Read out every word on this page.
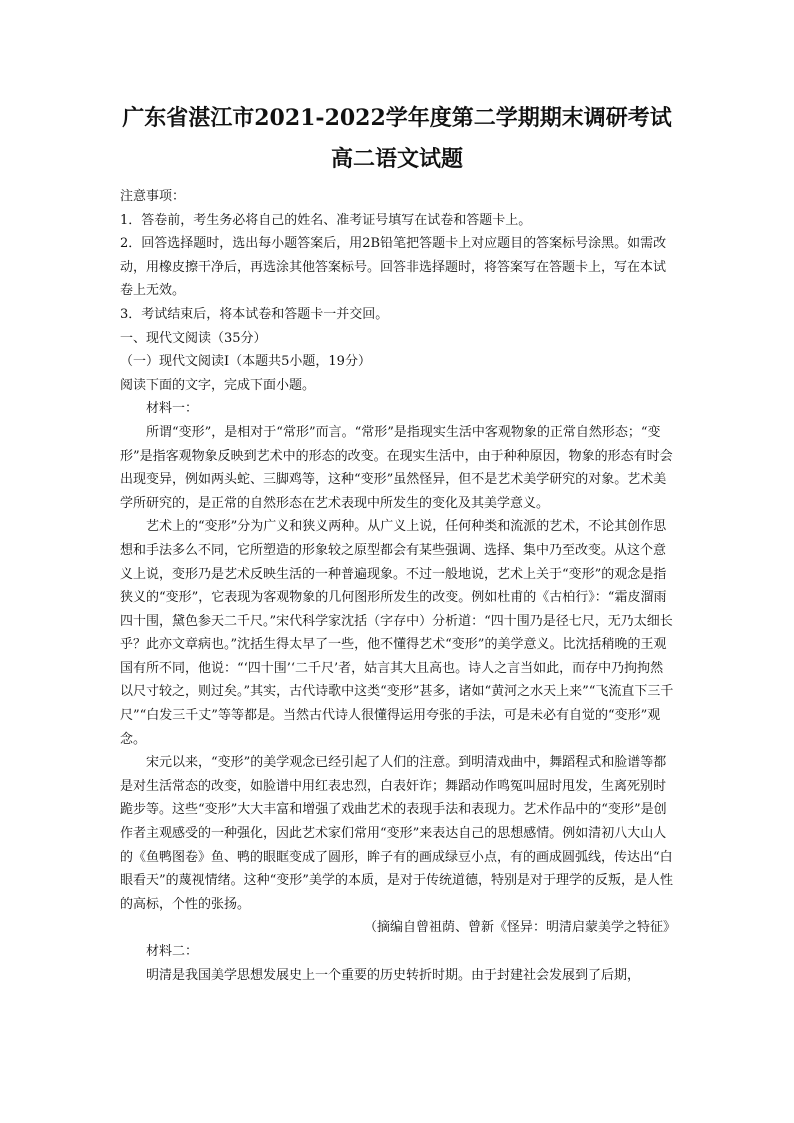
广东省湛江市2021-2022学年度第二学期期末调研考试
高二语文试题

注意事项：

1．答卷前，考生务必将自己的姓名、准考证号填写在试卷和答题卡上。

2．回答选择题时，选出每小题答案后，用2B铅笔把答题卡上对应题目的答案标号涂黑。如需改动，用橡皮擦干净后，再选涂其他答案标号。回答非选择题时，将答案写在答题卡上，写在本试卷上无效。

3．考试结束后，将本试卷和答题卡一并交回。

一、现代文阅读（35分）

（一）现代文阅读Ⅰ（本题共5小题，19分）

阅读下面的文字，完成下面小题。

材料一：

所谓“变形”，是相对于“常形”而言。“常形”是指现实生活中客观物象的正常自然形态；“变形”是指客观物象反映到艺术中的形态的改变。在现实生活中，由于种种原因，物象的形态有时会出现变异，例如两头蛇、三脚鸡等，这种“变形”虽然怪异，但不是艺术美学研究的对象。艺术美学所研究的，是正常的自然形态在艺术表现中所发生的变化及其美学意义。

艺术上的“变形”分为广义和狭义两种。从广义上说，任何种类和流派的艺术，不论其创作思想和手法多么不同，它所塑造的形象较之原型都会有某些强调、选择、集中乃至改变。从这个意义上说，变形乃是艺术反映生活的一种普遍现象。不过一般地说，艺术上关于“变形”的观念是指狭义的“变形”，它表现为客观物象的几何图形所发生的改变。例如杜甫的《古柏行》：“霜皮溜雨四十围，黛色参天二千尺。”宋代科学家沈括（字存中）分析道：“四十围乃是径七尺，无乃太细长乎？此亦文章病也。”沈括生得太早了一些，他不懂得艺术“变形”的美学意义。比沈括稍晚的王观国有所不同，他说：“‘四十围’‘二千尺’者，姑言其大且高也。诗人之言当如此，而存中乃拘拘然以尺寸较之，则过矣。”其实，古代诗歌中这类“变形”甚多，诸如“黄河之水天上来”“飞流直下三千尺”“白发三千丈”等等都是。当然古代诗人很懂得运用夸张的手法，可是未必有自觉的“变形”观念。

宋元以来，“变形”的美学观念已经引起了人们的注意。到明清戏曲中，舞蹈程式和脸谱等都是对生活常态的改变，如脸谱中用红表忠烈，白表奸诈；舞蹈动作鸣冤叫屈时甩发，生离死别时跪步等。这些“变形”大大丰富和增强了戏曲艺术的表现手法和表现力。艺术作品中的“变形”是创作者主观感受的一种强化，因此艺术家们常用“变形”来表达自己的思想感情。例如清初八大山人的《鱼鸭图卷》鱼、鸭的眼眶变成了圆形，眸子有的画成绿豆小点，有的画成圆弧线，传达出“白眼看天”的蔑视情绪。这种“变形”美学的本质，是对于传统道德，特别是对于理学的反叛，是人性的高标，个性的张扬。

（摘编自曾祖荫、曾新《怪异：明清启蒙美学之特征》

材料二：

明清是我国美学思想发展史上一个重要的历史转折时期。由于封建社会发展到了后期，
